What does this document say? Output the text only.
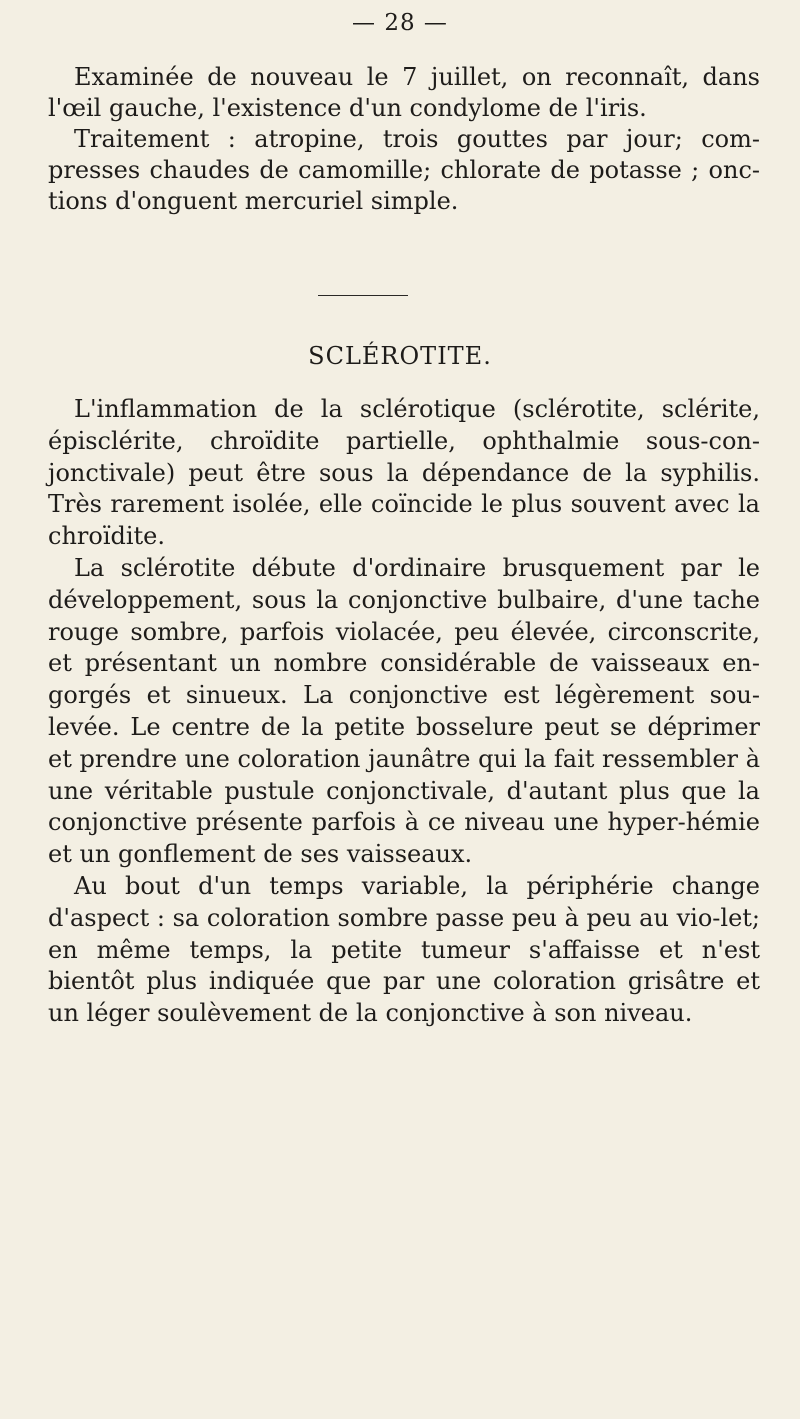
— 28 —

Examinée de nouveau le 7 juillet, on reconnaît, dans l'œil gauche, l'existence d'un condylome de l'iris.

Traitement : atropine, trois gouttes par jour; com-presses chaudes de camomille; chlorate de potasse ; onc-tions d'onguent mercuriel simple.

SCLÉROTITE.

L'inflammation de la sclérotique (sclérotite, sclérite, épisclérite, chroïdite partielle, ophthalmie sous-con-jonctivale) peut être sous la dépendance de la syphilis. Très rarement isolée, elle coïncide le plus souvent avec la chroïdite.

La sclérotite débute d'ordinaire brusquement par le développement, sous la conjonctive bulbaire, d'une tache rouge sombre, parfois violacée, peu élevée, circonscrite, et présentant un nombre considérable de vaisseaux en-gorgés et sinueux. La conjonctive est légèrement sou-levée. Le centre de la petite bosselure peut se déprimer et prendre une coloration jaunâtre qui la fait ressembler à une véritable pustule conjonctivale, d'autant plus que la conjonctive présente parfois à ce niveau une hyper-hémie et un gonflement de ses vaisseaux.

Au bout d'un temps variable, la périphérie change d'aspect : sa coloration sombre passe peu à peu au vio-let; en même temps, la petite tumeur s'affaisse et n'est bientôt plus indiquée que par une coloration grisâtre et un léger soulèvement de la conjonctive à son niveau.
